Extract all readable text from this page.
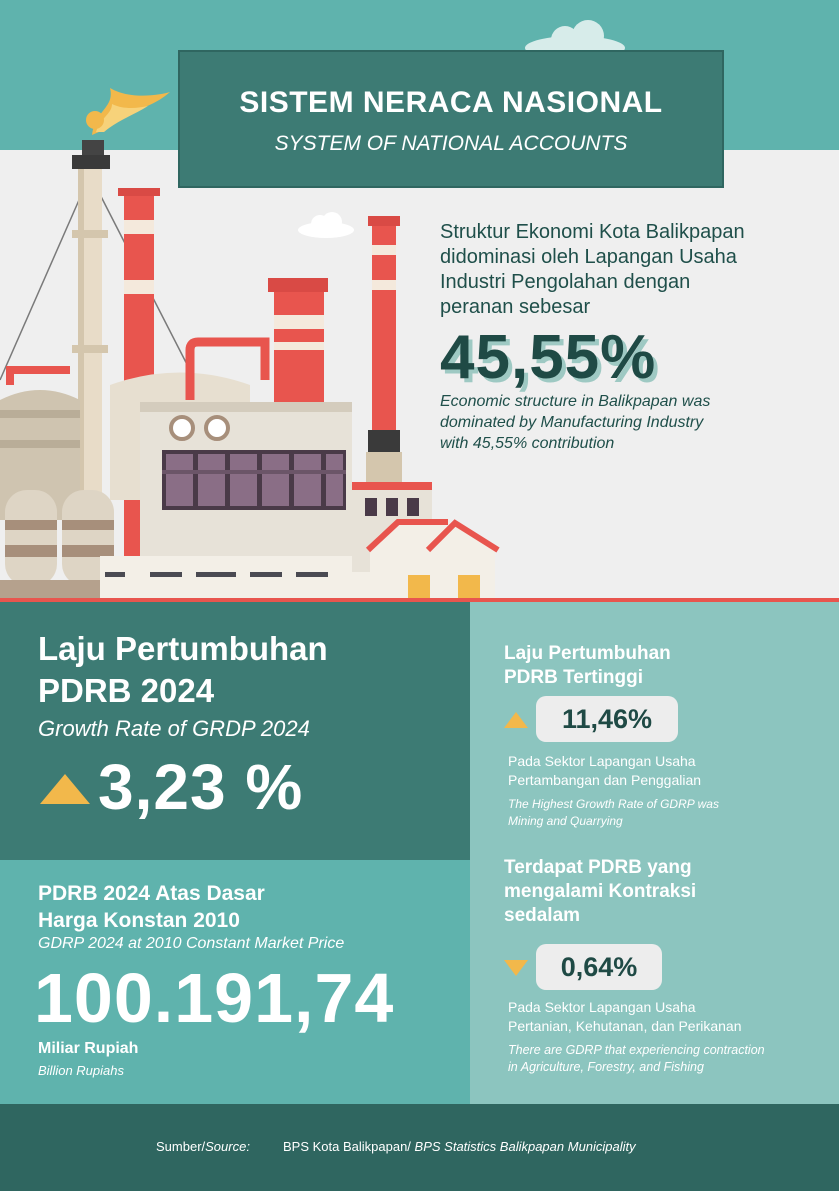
SISTEM NERACA NASIONAL
SYSTEM OF NATIONAL ACCOUNTS
Struktur Ekonomi Kota Balikpapan
didominasi oleh Lapangan Usaha
Industri Pengolahan dengan
peranan sebesar
45,55%
Economic structure in Balikpapan was
dominated by Manufacturing Industry
with 45,55% contribution
Laju Pertumbuhan
PDRB 2024
Growth Rate of GRDP 2024
3,23 %
PDRB 2024 Atas Dasar
Harga Konstan 2010
GDRP 2024 at 2010 Constant Market Price
100.191,74
Miliar Rupiah
Billion Rupiahs
Laju Pertumbuhan
PDRB Tertinggi
11,46%
Pada Sektor Lapangan Usaha
Pertambangan dan Penggalian
The Highest Growth Rate of GDRP was
Mining and Quarrying
Terdapat PDRB yang
mengalami Kontraksi
sedalam
0,64%
Pada Sektor Lapangan Usaha
Pertanian, Kehutanan, dan Perikanan
There are GDRP that experiencing contraction
in Agriculture, Forestry, and Fishing
Sumber/Source:	BPS Kota Balikpapan/ BPS Statistics Balikpapan Municipality
